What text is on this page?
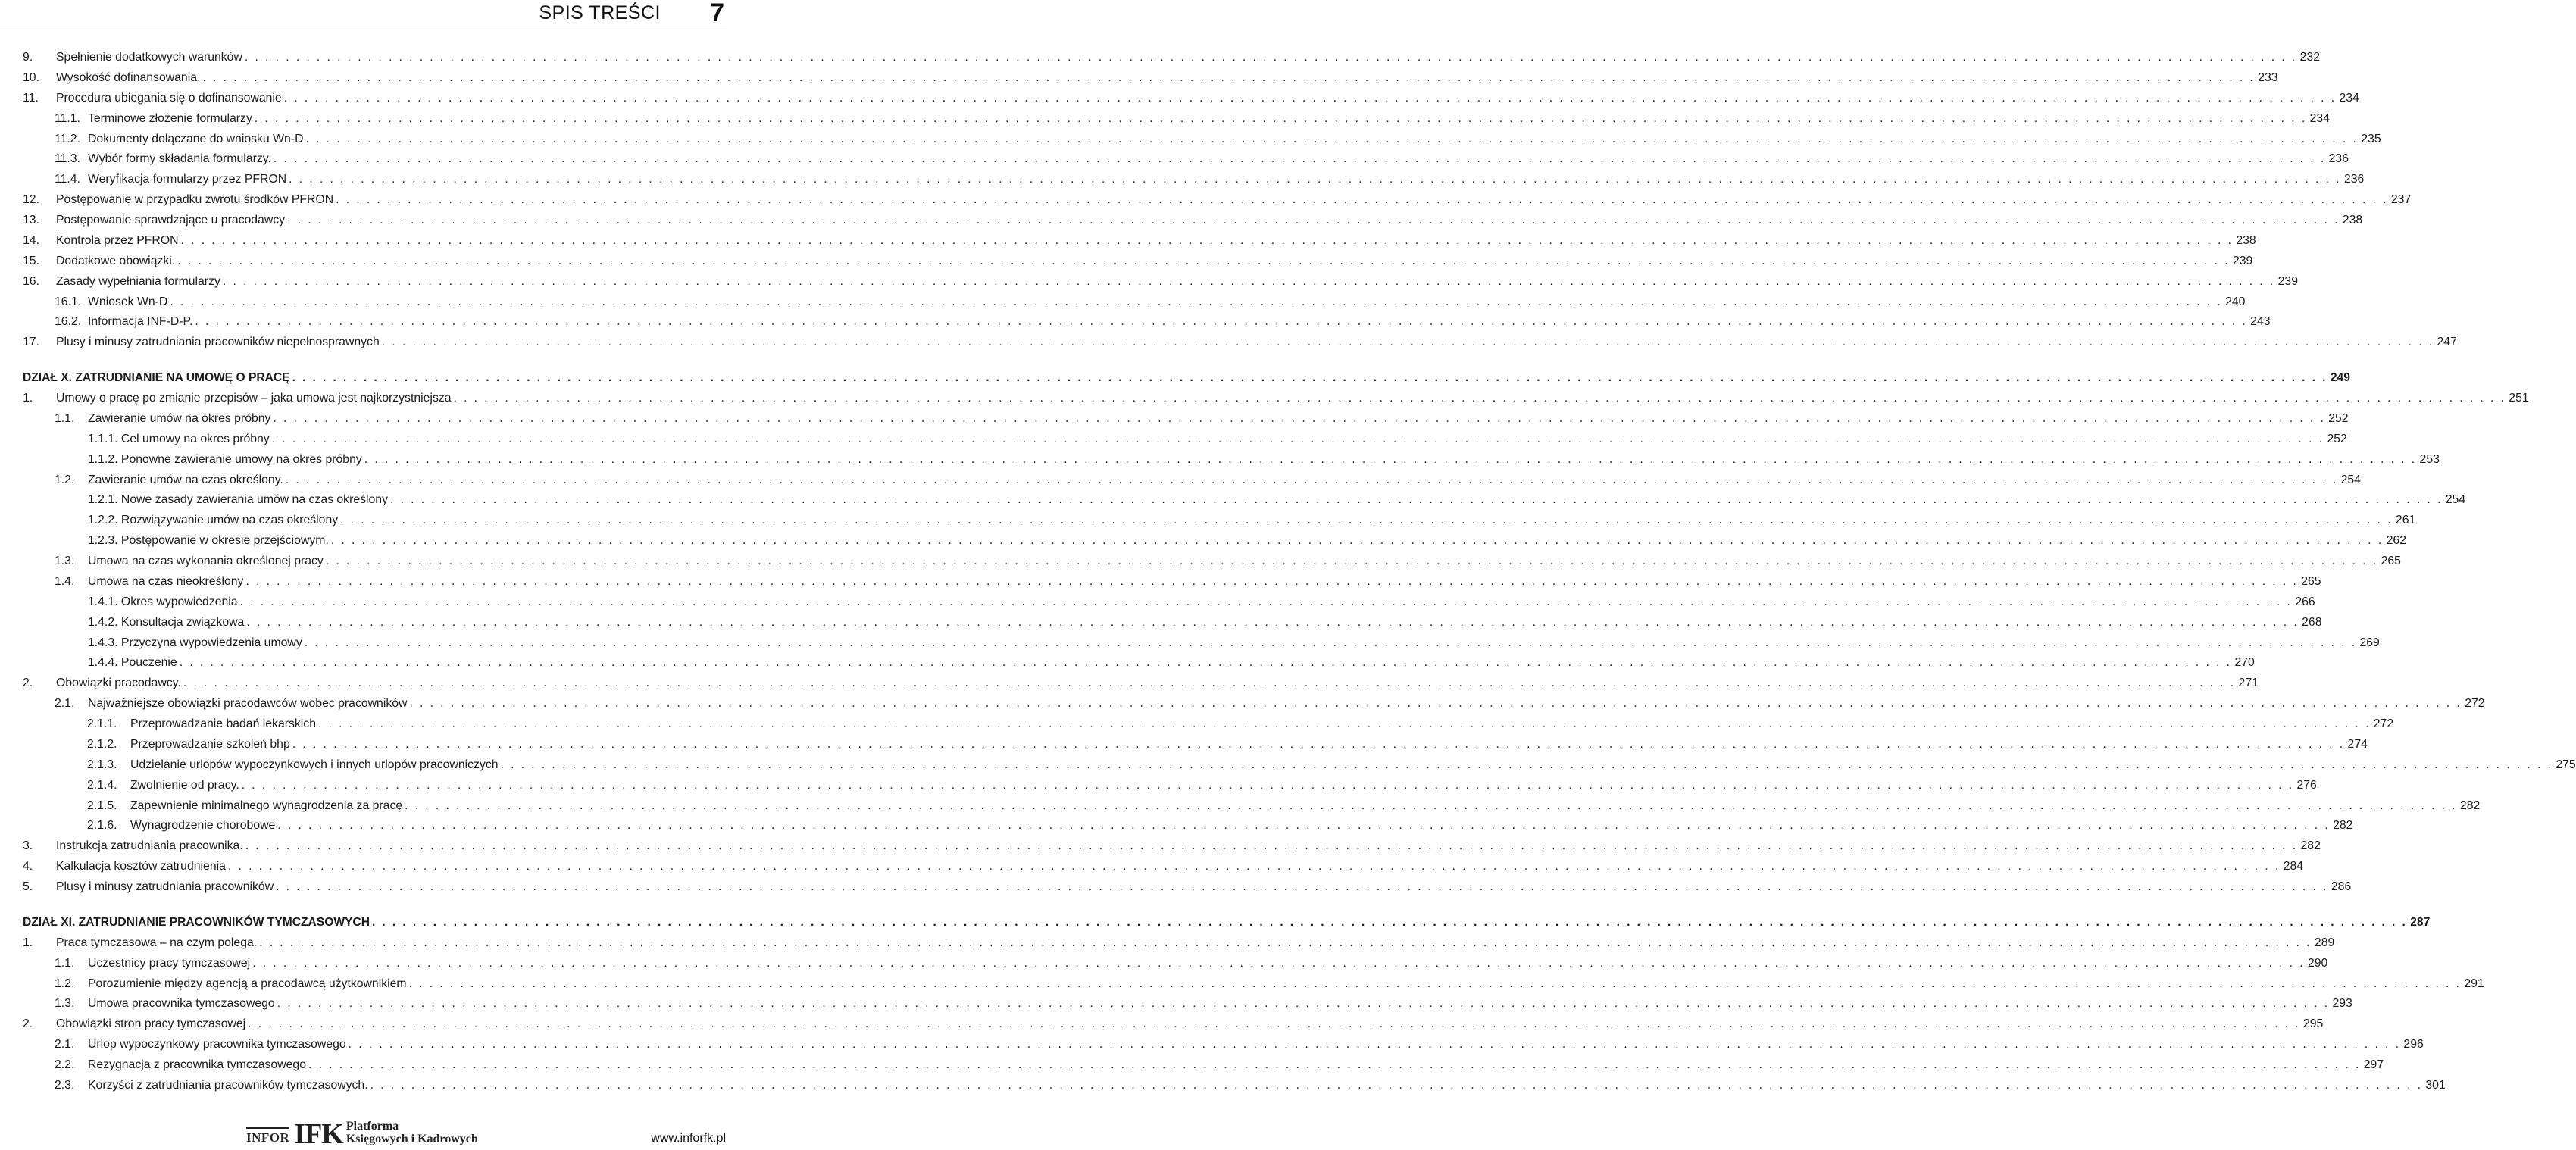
SPIS TREŚCI 7
9. Spełnienie dodatkowych warunków . . . . . . . . . . . . . . . . . . . . . . . . . . . . . . . . . . . . . . . . . . . . . . . . . . . . . . . . . . . . . . . . . . . . . . . . . . . . . . . . . . . . . . . . . . . . . . . . . . . . . . . . . . . . . . . . . . . . . . . . . . . . . . . . . . . . . . . . . . . . . . . . . . . . . . . . . . . . . . . . . . . . . . . . . . . . . . . . . . . . . . . . . . . . . . . . . . . . . . . . 232
10. Wysokość dofinansowania. . . . . . . . . . . . . . . . . . . . . . . . . . . . . . . . . . . . . . . . . . . . . . . . . . . . . . . . . . . . . . . . . . . . . . . . . . . . . . . . . . . . . . . . . . . . . . . . . . . . . . . . . . . . . . . . . . . . . . . . . . . . . . . . . . . . . . . . . . . . . . . . . . . . . . . . . . . . . . . . . . . . . . . . . . . . . . . . . . . . . . . . . . . . . . . . . . . . . . . . . 233
11. Procedura ubiegania się o dofinansowanie . . . . . . . . . . . . . . . . . . . . . . . . . . . . . . . . . . . . . . . . . . . . . . . . . . . . . . . . . . . . . . . . . . . . . . . . . . . . . . . . . . . . . . . . . . . . . . . . . . . . . . . . . . . . . . . . . . . . . . . . . . . . . . . . . . . . . . . . . . . . . . . . . . . . . . . . . . . . . . . . . . . . . . . . . . . . . . . . . . . . . . . . . . . . . . . . . . . . . . . . 234
11.1. Terminowe złożenie formularzy . . . . . . . . . . . . . . . . . . . . . . . . . . . . . . . . . . . . . . . . . . . . . . . . . . . . . . . . . . . . . . . . . . . . . . . . . . . . . . . . . . . . . . . . . . . . . . . . . . . . . . . . . . . . . . . . . . . . . . . . . . . . . . . . . . . . . . . . . . . . . . . . . . . . . . . . . . . . . . . . . . . . . . . . . . . . . . . . . . . . . . . . . . . . . . . . . . . . . . . . 234
11.2. Dokumenty dołączane do wniosku Wn-D . . . . . . . . . . . . . . . . . . . . . . . . . . . . . . . . . . . . . . . . . . . . . . . . . . . . . . . . . . . . . . . . . . . . . . . . . . . . . . . . . . . . . . . . . . . . . . . . . . . . . . . . . . . . . . . . . . . . . . . . . . . . . . . . . . . . . . . . . . . . . . . . . . . . . . . . . . . . . . . . . . . . . . . . . . . . . . . . . . . . . . . . . . . . . . . . . . . . . . . . 235
11.3. Wybór formy składania formularzy. . . . . . . . . . . . . . . . . . . . . . . . . . . . . . . . . . . . . . . . . . . . . . . . . . . . . . . . . . . . . . . . . . . . . . . . . . . . . . . . . . . . . . . . . . . . . . . . . . . . . . . . . . . . . . . . . . . . . . . . . . . . . . . . . . . . . . . . . . . . . . . . . . . . . . . . . . . . . . . . . . . . . . . . . . . . . . . . . . . . . . . . . . . . . . . . . . . . . . . . . 236
11.4. Weryfikacja formularzy przez PFRON . . . . . . . . . . . . . . . . . . . . . . . . . . . . . . . . . . . . . . . . . . . . . . . . . . . . . . . . . . . . . . . . . . . . . . . . . . . . . . . . . . . . . . . . . . . . . . . . . . . . . . . . . . . . . . . . . . . . . . . . . . . . . . . . . . . . . . . . . . . . . . . . . . . . . . . . . . . . . . . . . . . . . . . . . . . . . . . . . . . . . . . . . . . . . . . . . . . . . . . . 236
12. Postępowanie w przypadku zwrotu środków PFRON . . . . . . . . . . . . . . . . . . . . . . . . . . . . . . . . . . . . . . . . . . . . . . . . . . . . . . . . . . . . . . . . . . . . . . . . . . . . . . . . . . . . . . . . . . . . . . . . . . . . . . . . . . . . . . . . . . . . . . . . . . . . . . . . . . . . . . . . . . . . . . . . . . . . . . . . . . . . . . . . . . . . . . . . . . . . . . . . . . . . . . . . . . . . . . . . . . . . . . . . 237
13. Postępowanie sprawdzające u pracodawcy . . . . . . . . . . . . . . . . . . . . . . . . . . . . . . . . . . . . . . . . . . . . . . . . . . . . . . . . . . . . . . . . . . . . . . . . . . . . . . . . . . . . . . . . . . . . . . . . . . . . . . . . . . . . . . . . . . . . . . . . . . . . . . . . . . . . . . . . . . . . . . . . . . . . . . . . . . . . . . . . . . . . . . . . . . . . . . . . . . . . . . . . . . . . . . . . . . . . . . . . 238
14. Kontrola przez PFRON . . . . . . . . . . . . . . . . . . . . . . . . . . . . . . . . . . . . . . . . . . . . . . . . . . . . . . . . . . . . . . . . . . . . . . . . . . . . . . . . . . . . . . . . . . . . . . . . . . . . . . . . . . . . . . . . . . . . . . . . . . . . . . . . . . . . . . . . . . . . . . . . . . . . . . . . . . . . . . . . . . . . . . . . . . . . . . . . . . . . . . . . . . . . . . . . . . . . . . . . 238
15. Dodatkowe obowiązki. . . . . . . . . . . . . . . . . . . . . . . . . . . . . . . . . . . . . . . . . . . . . . . . . . . . . . . . . . . . . . . . . . . . . . . . . . . . . . . . . . . . . . . . . . . . . . . . . . . . . . . . . . . . . . . . . . . . . . . . . . . . . . . . . . . . . . . . . . . . . . . . . . . . . . . . . . . . . . . . . . . . . . . . . . . . . . . . . . . . . . . . . . . . . . . . . . . . . . . . . 239
16. Zasady wypełniania formularzy . . . . . . . . . . . . . . . . . . . . . . . . . . . . . . . . . . . . . . . . . . . . . . . . . . . . . . . . . . . . . . . . . . . . . . . . . . . . . . . . . . . . . . . . . . . . . . . . . . . . . . . . . . . . . . . . . . . . . . . . . . . . . . . . . . . . . . . . . . . . . . . . . . . . . . . . . . . . . . . . . . . . . . . . . . . . . . . . . . . . . . . . . . . . . . . . . . . . . . . . 239
16.1. Wniosek Wn-D . . . . . . . . . . . . . . . . . . . . . . . . . . . . . . . . . . . . . . . . . . . . . . . . . . . . . . . . . . . . . . . . . . . . . . . . . . . . . . . . . . . . . . . . . . . . . . . . . . . . . . . . . . . . . . . . . . . . . . . . . . . . . . . . . . . . . . . . . . . . . . . . . . . . . . . . . . . . . . . . . . . . . . . . . . . . . . . . . . . . . . . . . . . . . . . . . . . . . . . . 240
16.2. Informacja INF-D-P. . . . . . . . . . . . . . . . . . . . . . . . . . . . . . . . . . . . . . . . . . . . . . . . . . . . . . . . . . . . . . . . . . . . . . . . . . . . . . . . . . . . . . . . . . . . . . . . . . . . . . . . . . . . . . . . . . . . . . . . . . . . . . . . . . . . . . . . . . . . . . . . . . . . . . . . . . . . . . . . . . . . . . . . . . . . . . . . . . . . . . . . . . . . . . . . . . . . . . . . . 243
17. Plusy i minusy zatrudniania pracowników niepełnosprawnych . . . . . . . . . . . . . . . . . . . . . . . . . . . . . . . . . . . . . . . . . . . . . . . . . . . . . . . . . . . . . . . . . . . . . . . . . . . . . . . . . . . . . . . . . . . . . . . . . . . . . . . . . . . . . . . . . . . . . . . . . . . . . . . . . . . . . . . . . . . . . . . . . . . . . . . . . . . . . . . . . . . . . . . . . . . . . . . . . . . . . . . . . . . . . . . . . . . . . . . . 247
DZIAŁ X. ZATRUDNIANIE NA UMOWĘ O PRACĘ . . . . . . . . . . . . . . . . . . . . . . . . . . . . . . . . . . . . . . . . . . . . . . . . . . . . . . . . . . . . . . . . . . . . . . . . . . . . . . . . . . . . . . . . . . . . . . . . . . . . . . . . . . . . . . . . . . . . . . . . . . . . . . . . . . . . . . . . . . . . . . . . . . . . . . . . . . . . . . . . . . . . . . . . . . . . . . . . . . . . . . . . . . . . . . . . . . . . . . . . 249
1. Umowy o pracę po zmianie przepisów – jaka umowa jest najkorzystniejsza . . . . . . . . . . . . . . . . . . . . . . . . . . . . . . . . . . . . . . . . . . . . . . . . . . . . . . . . . . . . . . . . . . . . . . . . . . . . . . . . . . . . . . . . . . . . . . . . . . . . . . . . . . . . . . . . . . . . . . . . . . . . . . . . . . . . . . . . . . . . . . . . . . . . . . . . . . . . . . . . . . . . . . . . . . . . . . . . . . . . . . . . . . . . . . . . . . . . . . . . 251
1.1. Zawieranie umów na okres próbny . . . . . . . . . . . . . . . . . . . . . . . . . . . . . . . . . . . . . . . . . . . . . . . . . . . . . . . . . . . . . . . . . . . . . . . . . . . . . . . . . . . . . . . . . . . . . . . . . . . . . . . . . . . . . . . . . . . . . . . . . . . . . . . . . . . . . . . . . . . . . . . . . . . . . . . . . . . . . . . . . . . . . . . . . . . . . . . . . . . . . . . . . . . . . . . . . . . . . . . . 252
1.1.1. Cel umowy na okres próbny . . . . . . . . . . . . . . . . . . . . . . . . . . . . . . . . . . . . . . . . . . . . . . . . . . . . . . . . . . . . . . . . . . . . . . . . . . . . . . . . . . . . . . . . . . . . . . . . . . . . . . . . . . . . . . . . . . . . . . . . . . . . . . . . . . . . . . . . . . . . . . . . . . . . . . . . . . . . . . . . . . . . . . . . . . . . . . . . . . . . . . . . . . . . . . . . . . . . . . . . 252
1.1.2. Ponowne zawieranie umowy na okres próbny . . . . . . . . . . . . . . . . . . . . . . . . . . . . . . . . . . . . . . . . . . . . . . . . . . . . . . . . . . . . . . . . . . . . . . . . . . . . . . . . . . . . . . . . . . . . . . . . . . . . . . . . . . . . . . . . . . . . . . . . . . . . . . . . . . . . . . . . . . . . . . . . . . . . . . . . . . . . . . . . . . . . . . . . . . . . . . . . . . . . . . . . . . . . . . . . . . . . . . . . 253
1.2. Zawieranie umów na czas określony. . . . . . . . . . . . . . . . . . . . . . . . . . . . . . . . . . . . . . . . . . . . . . . . . . . . . . . . . . . . . . . . . . . . . . . . . . . . . . . . . . . . . . . . . . . . . . . . . . . . . . . . . . . . . . . . . . . . . . . . . . . . . . . . . . . . . . . . . . . . . . . . . . . . . . . . . . . . . . . . . . . . . . . . . . . . . . . . . . . . . . . . . . . . . . . . . . . . . . . . . 254
1.2.1. Nowe zasady zawierania umów na czas określony . . . . . . . . . . . . . . . . . . . . . . . . . . . . . . . . . . . . . . . . . . . . . . . . . . . . . . . . . . . . . . . . . . . . . . . . . . . . . . . . . . . . . . . . . . . . . . . . . . . . . . . . . . . . . . . . . . . . . . . . . . . . . . . . . . . . . . . . . . . . . . . . . . . . . . . . . . . . . . . . . . . . . . . . . . . . . . . . . . . . . . . . . . . . . . . . . . . . . . . . 254
1.2.2. Rozwiązywanie umów na czas określony . . . . . . . . . . . . . . . . . . . . . . . . . . . . . . . . . . . . . . . . . . . . . . . . . . . . . . . . . . . . . . . . . . . . . . . . . . . . . . . . . . . . . . . . . . . . . . . . . . . . . . . . . . . . . . . . . . . . . . . . . . . . . . . . . . . . . . . . . . . . . . . . . . . . . . . . . . . . . . . . . . . . . . . . . . . . . . . . . . . . . . . . . . . . . . . . . . . . . . . . 261
1.2.3. Postępowanie w okresie przejściowym. . . . . . . . . . . . . . . . . . . . . . . . . . . . . . . . . . . . . . . . . . . . . . . . . . . . . . . . . . . . . . . . . . . . . . . . . . . . . . . . . . . . . . . . . . . . . . . . . . . . . . . . . . . . . . . . . . . . . . . . . . . . . . . . . . . . . . . . . . . . . . . . . . . . . . . . . . . . . . . . . . . . . . . . . . . . . . . . . . . . . . . . . . . . . . . . . . . . . . . . . 262
1.3. Umowa na czas wykonania określonej pracy . . . . . . . . . . . . . . . . . . . . . . . . . . . . . . . . . . . . . . . . . . . . . . . . . . . . . . . . . . . . . . . . . . . . . . . . . . . . . . . . . . . . . . . . . . . . . . . . . . . . . . . . . . . . . . . . . . . . . . . . . . . . . . . . . . . . . . . . . . . . . . . . . . . . . . . . . . . . . . . . . . . . . . . . . . . . . . . . . . . . . . . . . . . . . . . . . . . . . . . . 265
1.4. Umowa na czas nieokreślony . . . . . . . . . . . . . . . . . . . . . . . . . . . . . . . . . . . . . . . . . . . . . . . . . . . . . . . . . . . . . . . . . . . . . . . . . . . . . . . . . . . . . . . . . . . . . . . . . . . . . . . . . . . . . . . . . . . . . . . . . . . . . . . . . . . . . . . . . . . . . . . . . . . . . . . . . . . . . . . . . . . . . . . . . . . . . . . . . . . . . . . . . . . . . . . . . . . . . . . . 265
1.4.1. Okres wypowiedzenia . . . . . . . . . . . . . . . . . . . . . . . . . . . . . . . . . . . . . . . . . . . . . . . . . . . . . . . . . . . . . . . . . . . . . . . . . . . . . . . . . . . . . . . . . . . . . . . . . . . . . . . . . . . . . . . . . . . . . . . . . . . . . . . . . . . . . . . . . . . . . . . . . . . . . . . . . . . . . . . . . . . . . . . . . . . . . . . . . . . . . . . . . . . . . . . . . . . . . . . . 266
1.4.2. Konsultacja związkowa . . . . . . . . . . . . . . . . . . . . . . . . . . . . . . . . . . . . . . . . . . . . . . . . . . . . . . . . . . . . . . . . . . . . . . . . . . . . . . . . . . . . . . . . . . . . . . . . . . . . . . . . . . . . . . . . . . . . . . . . . . . . . . . . . . . . . . . . . . . . . . . . . . . . . . . . . . . . . . . . . . . . . . . . . . . . . . . . . . . . . . . . . . . . . . . . . . . . . . . . 268
1.4.3. Przyczyna wypowiedzenia umowy . . . . . . . . . . . . . . . . . . . . . . . . . . . . . . . . . . . . . . . . . . . . . . . . . . . . . . . . . . . . . . . . . . . . . . . . . . . . . . . . . . . . . . . . . . . . . . . . . . . . . . . . . . . . . . . . . . . . . . . . . . . . . . . . . . . . . . . . . . . . . . . . . . . . . . . . . . . . . . . . . . . . . . . . . . . . . . . . . . . . . . . . . . . . . . . . . . . . . . . . 269
1.4.4. Pouczenie . . . . . . . . . . . . . . . . . . . . . . . . . . . . . . . . . . . . . . . . . . . . . . . . . . . . . . . . . . . . . . . . . . . . . . . . . . . . . . . . . . . . . . . . . . . . . . . . . . . . . . . . . . . . . . . . . . . . . . . . . . . . . . . . . . . . . . . . . . . . . . . . . . . . . . . . . . . . . . . . . . . . . . . . . . . . . . . . . . . . . . . . . . . . . . . . . . . . . . . . 270
2. Obowiązki pracodawcy. . . . . . . . . . . . . . . . . . . . . . . . . . . . . . . . . . . . . . . . . . . . . . . . . . . . . . . . . . . . . . . . . . . . . . . . . . . . . . . . . . . . . . . . . . . . . . . . . . . . . . . . . . . . . . . . . . . . . . . . . . . . . . . . . . . . . . . . . . . . . . . . . . . . . . . . . . . . . . . . . . . . . . . . . . . . . . . . . . . . . . . . . . . . . . . . . . . . . . . . . 271
2.1. Najważniejsze obowiązki pracodawców wobec pracowników . . . . . . . . . . . . . . . . . . . . . . . . . . . . . . . . . . . . . . . . . . . . . . . . . . . . . . . . . . . . . . . . . . . . . . . . . . . . . . . . . . . . . . . . . . . . . . . . . . . . . . . . . . . . . . . . . . . . . . . . . . . . . . . . . . . . . . . . . . . . . . . . . . . . . . . . . . . . . . . . . . . . . . . . . . . . . . . . . . . . . . . . . . . . . . . . . . . . . . . . 272
2.1.1. Przeprowadzanie badań lekarskich . . . . . . . . . . . . . . . . . . . . . . . . . . . . . . . . . . . . . . . . . . . . . . . . . . . . . . . . . . . . . . . . . . . . . . . . . . . . . . . . . . . . . . . . . . . . . . . . . . . . . . . . . . . . . . . . . . . . . . . . . . . . . . . . . . . . . . . . . . . . . . . . . . . . . . . . . . . . . . . . . . . . . . . . . . . . . . . . . . . . . . . . . . . . . . . . . . . . . . . . 272
2.1.2. Przeprowadzanie szkoleń bhp . . . . . . . . . . . . . . . . . . . . . . . . . . . . . . . . . . . . . . . . . . . . . . . . . . . . . . . . . . . . . . . . . . . . . . . . . . . . . . . . . . . . . . . . . . . . . . . . . . . . . . . . . . . . . . . . . . . . . . . . . . . . . . . . . . . . . . . . . . . . . . . . . . . . . . . . . . . . . . . . . . . . . . . . . . . . . . . . . . . . . . . . . . . . . . . . . . . . . . . . 274
2.1.3. Udzielanie urlopów wypoczynkowych i innych urlopów pracowniczych . . . . . . . . . . . . . . . . . . . . . . . . . . . . . . . . . . . . . . . . . . . . . . . . . . . . . . . . . . . . . . . . . . . . . . . . . . . . . . . . . . . . . . . . . . . . . . . . . . . . . . . . . . . . . . . . . . . . . . . . . . . . . . . . . . . . . . . . . . . . . . . . . . . . . . . . . . . . . . . . . . . . . . . . . . . . . . . . . . . . . . . . . . . . . . . . . . . . . . . . 275
2.1.4. Zwolnienie od pracy. . . . . . . . . . . . . . . . . . . . . . . . . . . . . . . . . . . . . . . . . . . . . . . . . . . . . . . . . . . . . . . . . . . . . . . . . . . . . . . . . . . . . . . . . . . . . . . . . . . . . . . . . . . . . . . . . . . . . . . . . . . . . . . . . . . . . . . . . . . . . . . . . . . . . . . . . . . . . . . . . . . . . . . . . . . . . . . . . . . . . . . . . . . . . . . . . . . . . . . . . 276
2.1.5. Zapewnienie minimalnego wynagrodzenia za pracę . . . . . . . . . . . . . . . . . . . . . . . . . . . . . . . . . . . . . . . . . . . . . . . . . . . . . . . . . . . . . . . . . . . . . . . . . . . . . . . . . . . . . . . . . . . . . . . . . . . . . . . . . . . . . . . . . . . . . . . . . . . . . . . . . . . . . . . . . . . . . . . . . . . . . . . . . . . . . . . . . . . . . . . . . . . . . . . . . . . . . . . . . . . . . . . . . . . . . . . . 282
2.1.6. Wynagrodzenie chorobowe . . . . . . . . . . . . . . . . . . . . . . . . . . . . . . . . . . . . . . . . . . . . . . . . . . . . . . . . . . . . . . . . . . . . . . . . . . . . . . . . . . . . . . . . . . . . . . . . . . . . . . . . . . . . . . . . . . . . . . . . . . . . . . . . . . . . . . . . . . . . . . . . . . . . . . . . . . . . . . . . . . . . . . . . . . . . . . . . . . . . . . . . . . . . . . . . . . . . . . . . 282
3. Instrukcja zatrudniania pracownika. . . . . . . . . . . . . . . . . . . . . . . . . . . . . . . . . . . . . . . . . . . . . . . . . . . . . . . . . . . . . . . . . . . . . . . . . . . . . . . . . . . . . . . . . . . . . . . . . . . . . . . . . . . . . . . . . . . . . . . . . . . . . . . . . . . . . . . . . . . . . . . . . . . . . . . . . . . . . . . . . . . . . . . . . . . . . . . . . . . . . . . . . . . . . . . . . . . . . . . . . 282
4. Kalkulacja kosztów zatrudnienia . . . . . . . . . . . . . . . . . . . . . . . . . . . . . . . . . . . . . . . . . . . . . . . . . . . . . . . . . . . . . . . . . . . . . . . . . . . . . . . . . . . . . . . . . . . . . . . . . . . . . . . . . . . . . . . . . . . . . . . . . . . . . . . . . . . . . . . . . . . . . . . . . . . . . . . . . . . . . . . . . . . . . . . . . . . . . . . . . . . . . . . . . . . . . . . . . . . . . . . . 284
5. Plusy i minusy zatrudniania pracowników . . . . . . . . . . . . . . . . . . . . . . . . . . . . . . . . . . . . . . . . . . . . . . . . . . . . . . . . . . . . . . . . . . . . . . . . . . . . . . . . . . . . . . . . . . . . . . . . . . . . . . . . . . . . . . . . . . . . . . . . . . . . . . . . . . . . . . . . . . . . . . . . . . . . . . . . . . . . . . . . . . . . . . . . . . . . . . . . . . . . . . . . . . . . . . . . . . . . . . . . 286
DZIAŁ XI. ZATRUDNIANIE PRACOWNIKÓW TYMCZASOWYCH . . . . . . . . . . . . . . . . . . . . . . . . . . . . . . . . . . . . . . . . . . . . . . . . . . . . . . . . . . . . . . . . . . . . . . . . . . . . . . . . . . . . . . . . . . . . . . . . . . . . . . . . . . . . . . . . . . . . . . . . . . . . . . . . . . . . . . . . . . . . . . . . . . . . . . . . . . . . . . . . . . . . . . . . . . . . . . . . . . . . . . . . . . . . . . . . . . . . . . . . 287
1. Praca tymczasowa – na czym polega. . . . . . . . . . . . . . . . . . . . . . . . . . . . . . . . . . . . . . . . . . . . . . . . . . . . . . . . . . . . . . . . . . . . . . . . . . . . . . . . . . . . . . . . . . . . . . . . . . . . . . . . . . . . . . . . . . . . . . . . . . . . . . . . . . . . . . . . . . . . . . . . . . . . . . . . . . . . . . . . . . . . . . . . . . . . . . . . . . . . . . . . . . . . . . . . . . . . . . . . . 289
1.1. Uczestnicy pracy tymczasowej . . . . . . . . . . . . . . . . . . . . . . . . . . . . . . . . . . . . . . . . . . . . . . . . . . . . . . . . . . . . . . . . . . . . . . . . . . . . . . . . . . . . . . . . . . . . . . . . . . . . . . . . . . . . . . . . . . . . . . . . . . . . . . . . . . . . . . . . . . . . . . . . . . . . . . . . . . . . . . . . . . . . . . . . . . . . . . . . . . . . . . . . . . . . . . . . . . . . . . . . 290
1.2. Porozumienie między agencją a pracodawcą użytkownikiem . . . . . . . . . . . . . . . . . . . . . . . . . . . . . . . . . . . . . . . . . . . . . . . . . . . . . . . . . . . . . . . . . . . . . . . . . . . . . . . . . . . . . . . . . . . . . . . . . . . . . . . . . . . . . . . . . . . . . . . . . . . . . . . . . . . . . . . . . . . . . . . . . . . . . . . . . . . . . . . . . . . . . . . . . . . . . . . . . . . . . . . . . . . . . . . . . . . . . . . . 291
1.3. Umowa pracownika tymczasowego . . . . . . . . . . . . . . . . . . . . . . . . . . . . . . . . . . . . . . . . . . . . . . . . . . . . . . . . . . . . . . . . . . . . . . . . . . . . . . . . . . . . . . . . . . . . . . . . . . . . . . . . . . . . . . . . . . . . . . . . . . . . . . . . . . . . . . . . . . . . . . . . . . . . . . . . . . . . . . . . . . . . . . . . . . . . . . . . . . . . . . . . . . . . . . . . . . . . . . . . 293
2. Obowiązki stron pracy tymczasowej . . . . . . . . . . . . . . . . . . . . . . . . . . . . . . . . . . . . . . . . . . . . . . . . . . . . . . . . . . . . . . . . . . . . . . . . . . . . . . . . . . . . . . . . . . . . . . . . . . . . . . . . . . . . . . . . . . . . . . . . . . . . . . . . . . . . . . . . . . . . . . . . . . . . . . . . . . . . . . . . . . . . . . . . . . . . . . . . . . . . . . . . . . . . . . . . . . . . . . . . 295
2.1. Urlop wypoczynkowy pracownika tymczasowego . . . . . . . . . . . . . . . . . . . . . . . . . . . . . . . . . . . . . . . . . . . . . . . . . . . . . . . . . . . . . . . . . . . . . . . . . . . . . . . . . . . . . . . . . . . . . . . . . . . . . . . . . . . . . . . . . . . . . . . . . . . . . . . . . . . . . . . . . . . . . . . . . . . . . . . . . . . . . . . . . . . . . . . . . . . . . . . . . . . . . . . . . . . . . . . . . . . . . . . . 296
2.2. Rezygnacja z pracownika tymczasowego . . . . . . . . . . . . . . . . . . . . . . . . . . . . . . . . . . . . . . . . . . . . . . . . . . . . . . . . . . . . . . . . . . . . . . . . . . . . . . . . . . . . . . . . . . . . . . . . . . . . . . . . . . . . . . . . . . . . . . . . . . . . . . . . . . . . . . . . . . . . . . . . . . . . . . . . . . . . . . . . . . . . . . . . . . . . . . . . . . . . . . . . . . . . . . . . . . . . . . . . 297
2.3. Korzyści z zatrudniania pracowników tymczasowych. . . . . . . . . . . . . . . . . . . . . . . . . . . . . . . . . . . . . . . . . . . . . . . . . . . . . . . . . . . . . . . . . . . . . . . . . . . . . . . . . . . . . . . . . . . . . . . . . . . . . . . . . . . . . . . . . . . . . . . . . . . . . . . . . . . . . . . . . . . . . . . . . . . . . . . . . . . . . . . . . . . . . . . . . . . . . . . . . . . . . . . . . . . . . . . . . . . . . . . . . 301
INFOR IFK Platforma
Księgowych i Kadrowych	www.inforfk.pl
